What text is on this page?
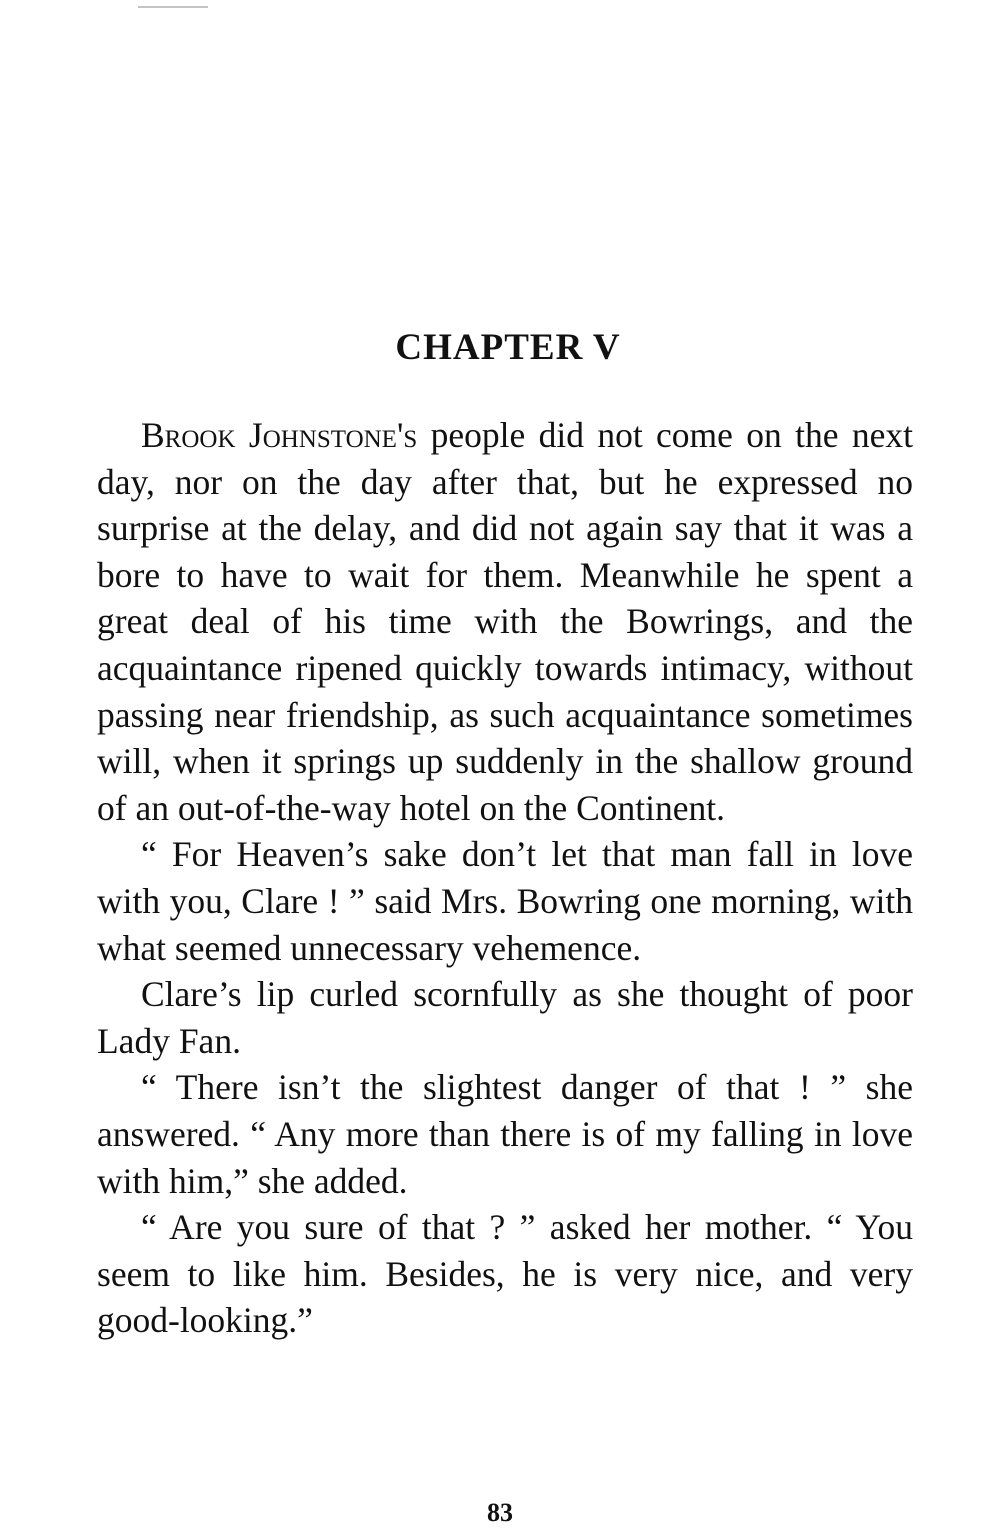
CHAPTER V

Brook Johnstone's people did not come on the next day, nor on the day after that, but he expressed no surprise at the delay, and did not again say that it was a bore to have to wait for them. Meanwhile he spent a great deal of his time with the Bowrings, and the acquaintance ripened quickly towards intimacy, without passing near friendship, as such acquaintance sometimes will, when it springs up suddenly in the shallow ground of an out-of-the-way hotel on the Continent.

“ For Heaven’s sake don’t let that man fall in love with you, Clare ! ” said Mrs. Bowring one morning, with what seemed unnecessary vehemence.

Clare’s lip curled scornfully as she thought of poor Lady Fan.

“ There isn’t the slightest danger of that ! ” she answered. “ Any more than there is of my falling in love with him,” she added.

“ Are you sure of that ? ” asked her mother. “ You seem to like him. Besides, he is very nice, and very good-looking.”

83
